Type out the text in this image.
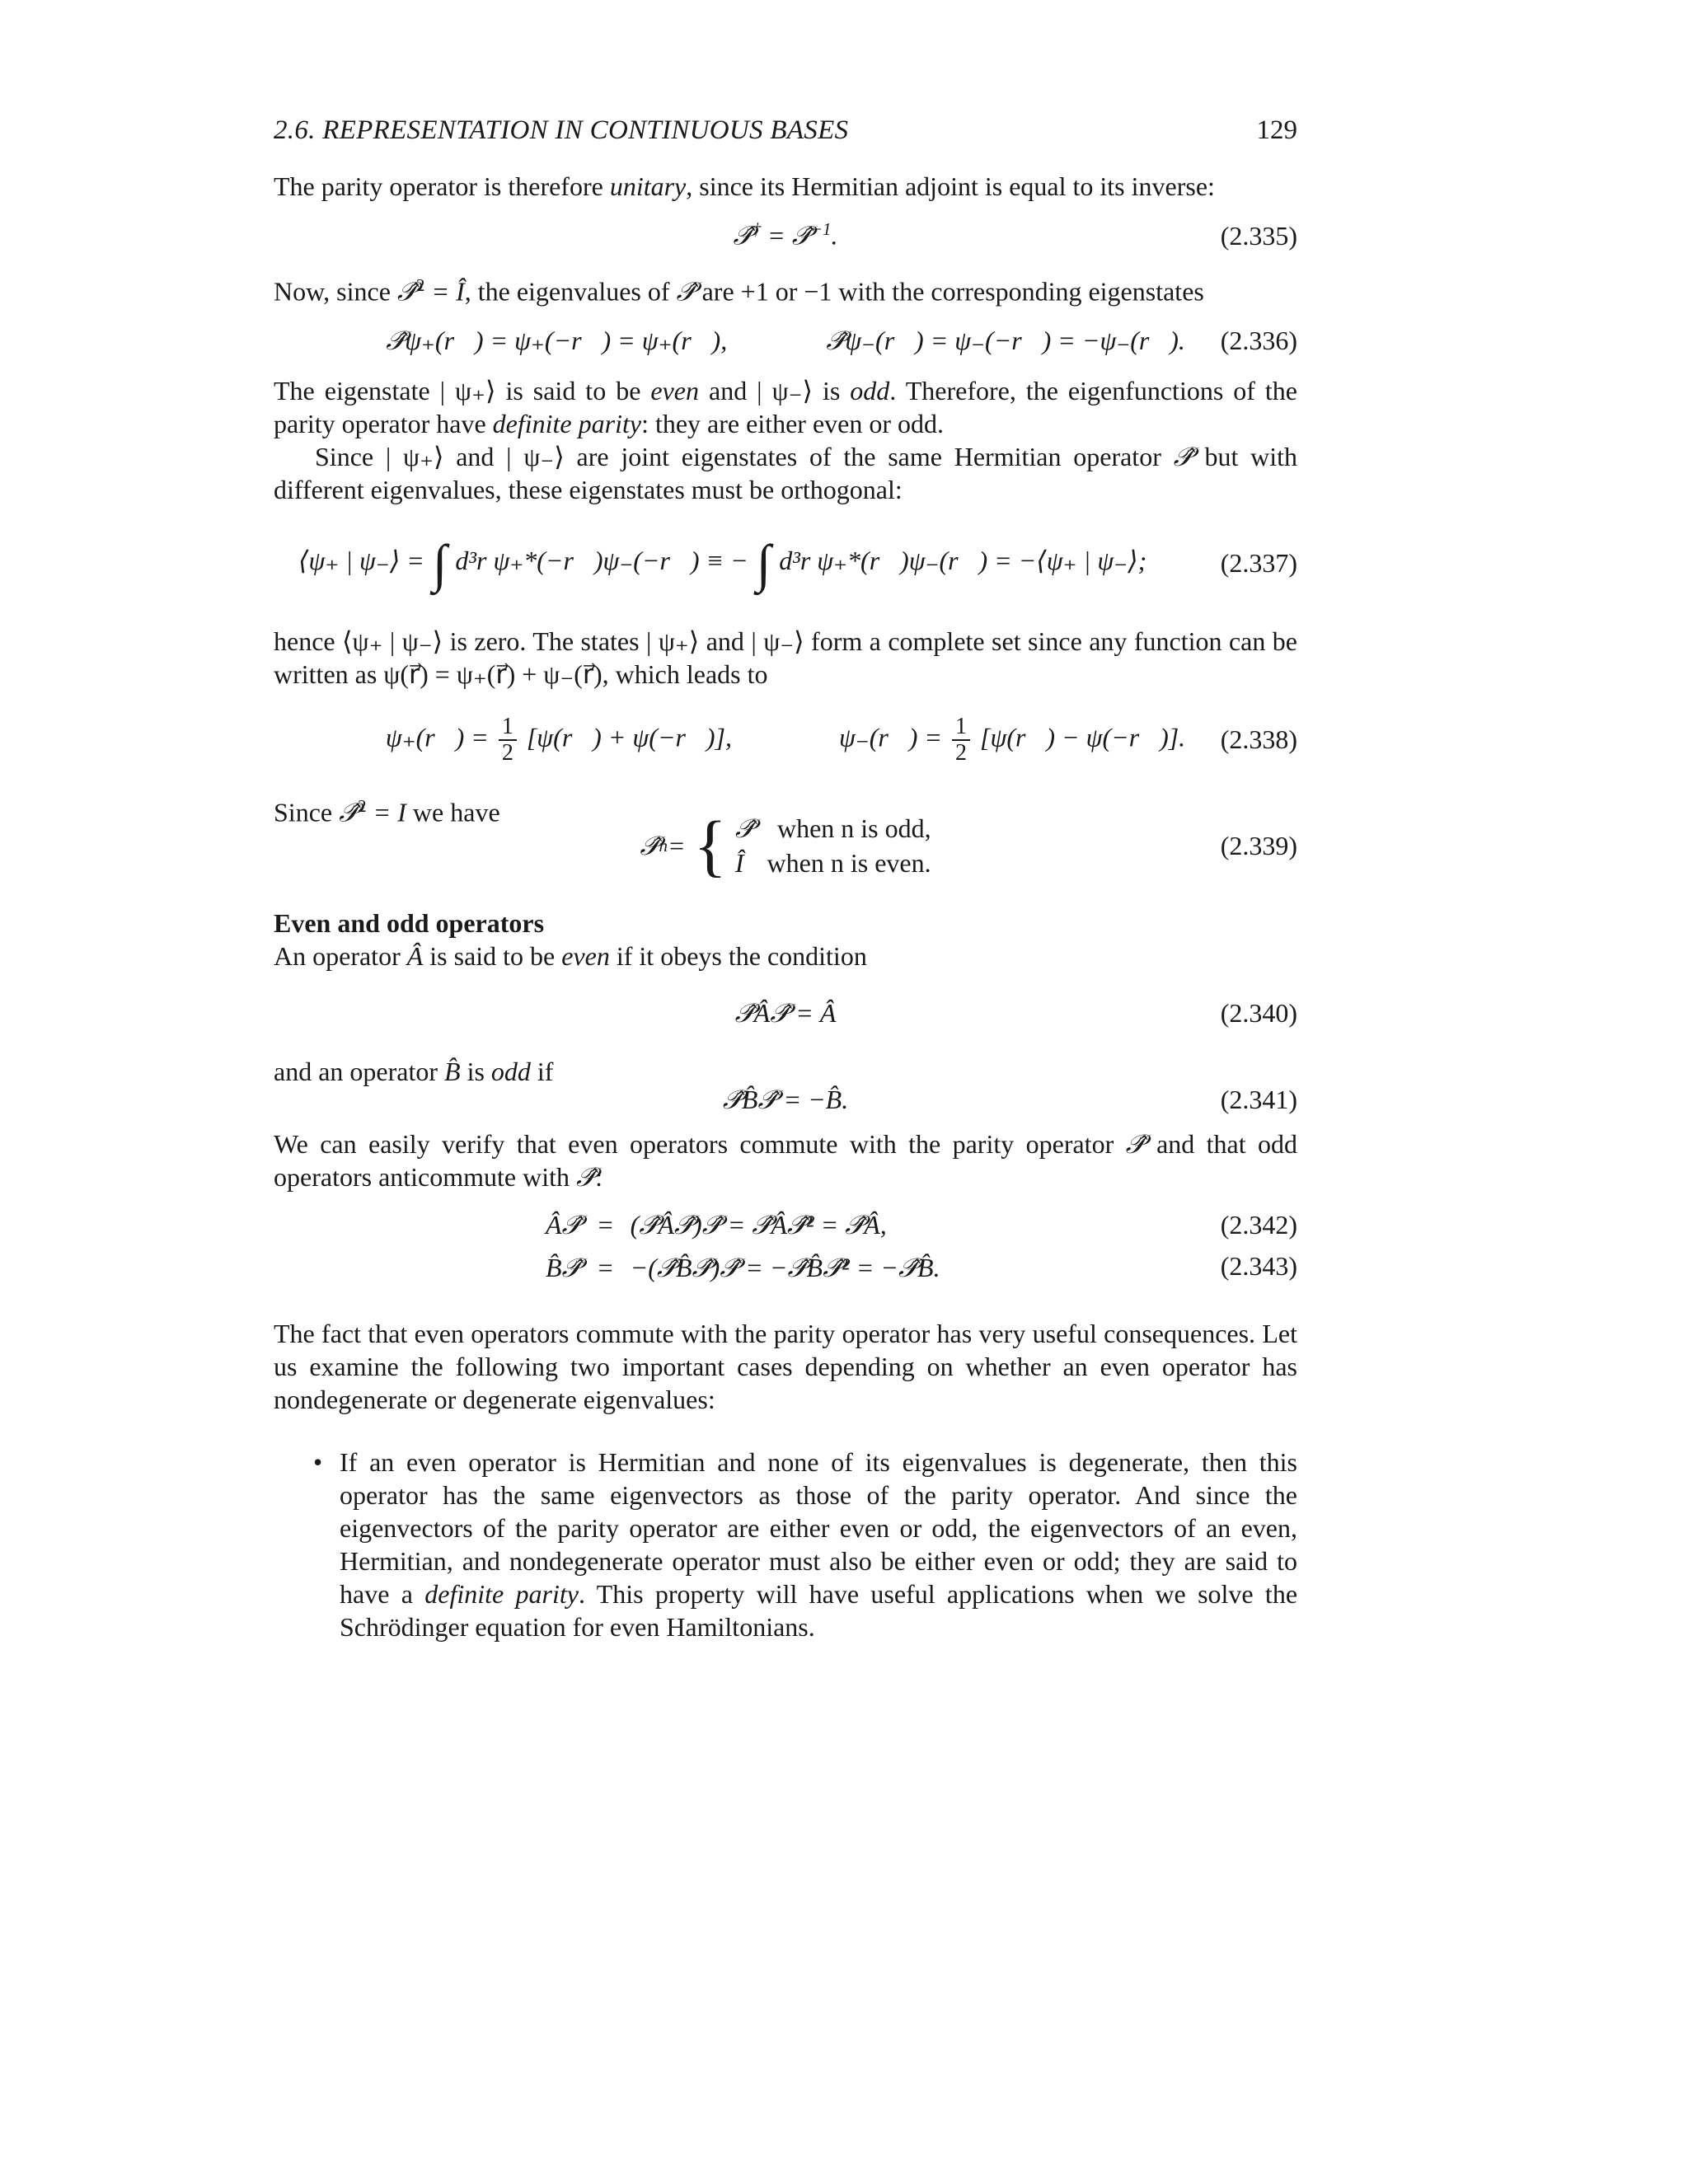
2.6. REPRESENTATION IN CONTINUOUS BASES	129

The parity operator is therefore unitary, since its Hermitian adjoint is equal to its inverse:

𝒫̂† = 𝒫̂$^{-1}$.	(2.335)

Now, since 𝒫̂$^2$ = Î, the eigenvalues of 𝒫̂ are +1 or −1 with the corresponding eigenstates

𝒫̂ψ₊(r⃗) = ψ₊(−r⃗) = ψ₊(r⃗),	𝒫̂ψ₋(r⃗) = ψ₋(−r⃗) = −ψ₋(r⃗). (2.336)

The eigenstate | ψ₊⟩ is said to be even and | ψ₋⟩ is odd. Therefore, the eigenfunctions of the parity operator have definite parity: they are either even or odd.

Since | ψ₊⟩ and | ψ₋⟩ are joint eigenstates of the same Hermitian operator 𝒫̂ but with different eigenvalues, these eigenstates must be orthogonal:

⟨ψ₊ | ψ₋⟩ = ∫ d³r ψ₊*(−r⃗)ψ₋(−r⃗) ≡ − ∫ d³r ψ₊*(r⃗)ψ₋(r⃗) = −⟨ψ₊ | ψ₋⟩;	(2.337)

hence ⟨ψ₊ | ψ₋⟩ is zero. The states | ψ₊⟩ and | ψ₋⟩ form a complete set since any function can be written as ψ(r⃗) = ψ₊(r⃗) + ψ₋(r⃗), which leads to

ψ₊(r⃗) = $\frac{1}{2}$ [ψ(r⃗) + ψ(−r⃗)],	ψ₋(r⃗) = $\frac{1}{2}$ [ψ(r⃗) − ψ(−r⃗)]. (2.338)

Since 𝒫̂$^2$ = I we have

𝒫̂ n = { 𝒫̂ when n is odd,
Î when n is even.
(2.339)
Even and odd operators

An operator Â is said to be even if it obeys the condition

𝒫̂Â𝒫̂ = Â	(2.340)

and an operator B̂ is odd if

𝒫̂B̂𝒫̂ = −B̂.	(2.341)

We can easily verify that even operators commute with the parity operator 𝒫̂ and that odd operators anticommute with 𝒫̂:

Â𝒫̂ = (𝒫̂Â𝒫̂)𝒫̂ = 𝒫̂Â𝒫̂² = 𝒫̂Â,
B̂𝒫̂ = −(𝒫̂B̂𝒫̂)𝒫̂ = −𝒫̂B̂𝒫̂² = −𝒫̂B̂.
(2.342)
(2.343)

The fact that even operators commute with the parity operator has very useful consequences. Let us examine the following two important cases depending on whether an even operator has nondegenerate or degenerate eigenvalues:

• If an even operator is Hermitian and none of its eigenvalues is degenerate, then this operator has the same eigenvectors as those of the parity operator. And since the eigenvectors of the parity operator are either even or odd, the eigenvectors of an even, Hermitian, and nondegenerate operator must also be either even or odd; they are said to have a definite parity. This property will have useful applications when we solve the Schrödinger equation for even Hamiltonians.
